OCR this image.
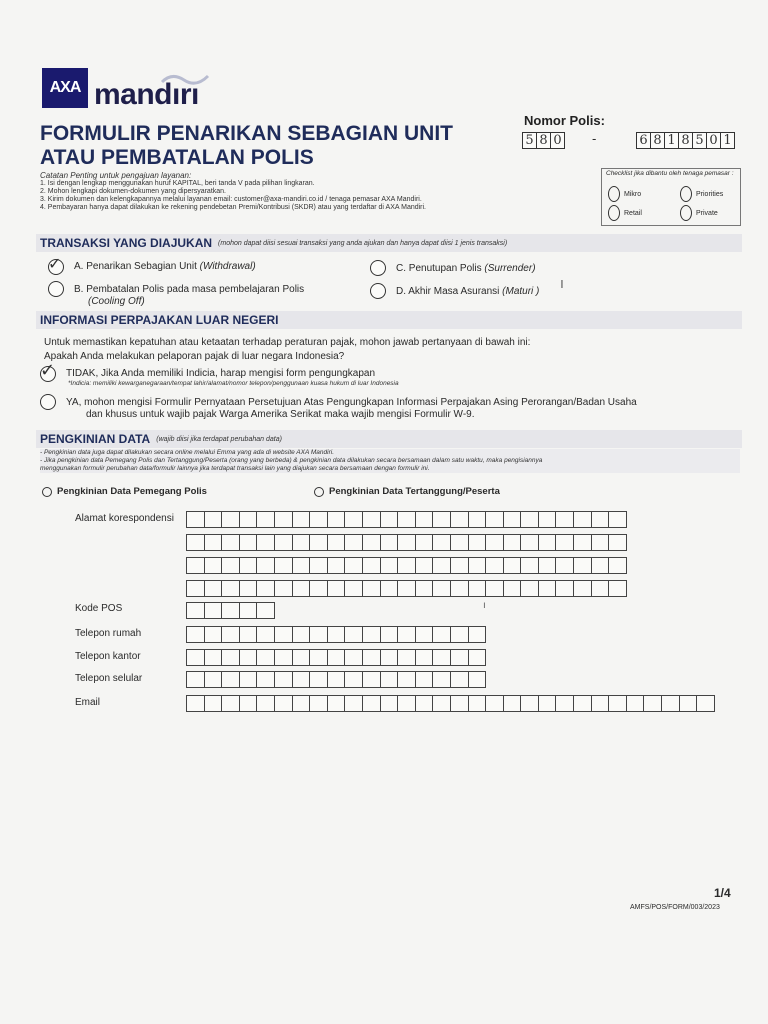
AXA mandırı
FORMULIR PENARIKAN SEBAGIAN UNIT
ATAU PEMBATALAN POLIS
Nomor Polis:
5 8 0 -	6 8 1 8 5 0 1
Catatan Penting untuk pengajuan layanan:
1. Isi dengan lengkap menggunakan huruf KAPITAL, beri tanda V pada pilihan lingkaran.
2. Mohon lengkapi dokumen-dokumen yang dipersyaratkan.
3. Kirim dokumen dan kelengkapannya melalui layanan email: customer@axa-mandiri.co.id / tenaga pemasar AXA Mandiri.
4. Pembayaran hanya dapat dilakukan ke rekening pendebetan Premi/Kontribusi (SKDR) atau yang terdaftar di AXA Mandiri.
Checklist jika dibantu oleh tenaga pemasar :
Mikro
Retail
Priorities
Private
TRANSAKSI YANG DIAJUKAN (mohon dapat diisi sesuai transaksi yang anda ajukan dan hanya dapat diisi 1 jenis transaksi)
✓ A. Penarikan Sebagian Unit (Withdrawal)
B. Pembatalan Polis pada masa pembelajaran Polis
(Cooling Off)
C. Penutupan Polis (Surrender)
D. Akhir Masa Asuransi (Maturi )
INFORMASI PERPAJAKAN LUAR NEGERI
Untuk memastikan kepatuhan atau ketaatan terhadap peraturan pajak, mohon jawab pertanyaan di bawah ini:
Apakah Anda melakukan pelaporan pajak di luar negara Indonesia?
✓ TIDAK, Jika Anda memiliki Indicia, harap mengisi form pengungkapan
*Indicia: memiliki kewarganegaraan/tempat lahir/alamat/nomor telepon/penggunaan kuasa hukum di luar Indonesia
YA, mohon mengisi Formulir Pernyataan Persetujuan Atas Pengungkapan Informasi Perpajakan Asing Perorangan/Badan Usaha
dan khusus untuk wajib pajak Warga Amerika Serikat maka wajib mengisi Formulir W-9.
PENGKINIAN DATA (wajib diisi jika terdapat perubahan data)
- Pengkinian data juga dapat dilakukan secara online melalui Emma yang ada di website AXA Mandiri.
- Jika pengkinian data Pemegang Polis dan Tertanggung/Peserta (orang yang berbeda) & pengkinian data dilakukan secara bersamaan dalam satu waktu, maka pengisiannya
menggunakan formulir perubahan data/formulir lainnya jika terdapat transaksi lain yang diajukan secara bersamaan dengan formulir ini.
Pengkinian Data Pemegang Polis	Pengkinian Data Tertanggung/Peserta
Alamat korespondensi
Kode POS
Telepon rumah
Telepon kantor
Telepon selular
Email
ı
ı
1/4
AMFS/POS/FORM/003/2023
